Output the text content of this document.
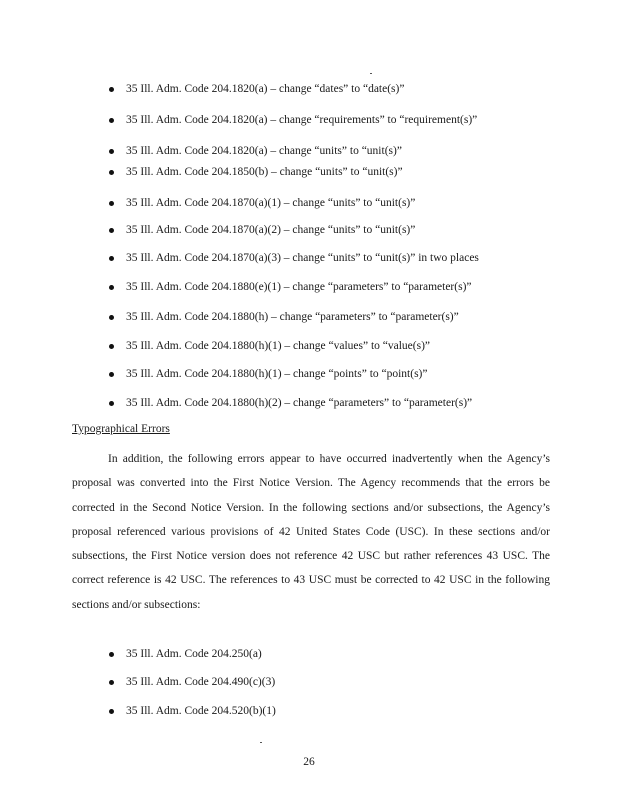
35 Ill. Adm. Code 204.1820(a) – change “dates” to “date(s)”
35 Ill. Adm. Code 204.1820(a) – change “requirements” to “requirement(s)”
35 Ill. Adm. Code 204.1820(a) – change “units” to “unit(s)”
35 Ill. Adm. Code 204.1850(b) – change “units” to “unit(s)”
35 Ill. Adm. Code 204.1870(a)(1) – change “units” to “unit(s)”
35 Ill. Adm. Code 204.1870(a)(2) – change “units” to “unit(s)”
35 Ill. Adm. Code 204.1870(a)(3) – change “units” to “unit(s)” in two places
35 Ill. Adm. Code 204.1880(e)(1) – change “parameters” to “parameter(s)”
35 Ill. Adm. Code 204.1880(h) – change “parameters” to “parameter(s)”
35 Ill. Adm. Code 204.1880(h)(1) – change “values” to “value(s)”
35 Ill. Adm. Code 204.1880(h)(1) – change “points” to “point(s)”
35 Ill. Adm. Code 204.1880(h)(2) – change “parameters” to “parameter(s)”
Typographical Errors

In addition, the following errors appear to have occurred inadvertently when the Agency’s proposal was converted into the First Notice Version. The Agency recommends that the errors be corrected in the Second Notice Version. In the following sections and/or subsections, the Agency’s proposal referenced various provisions of 42 United States Code (USC). In these sections and/or subsections, the First Notice version does not reference 42 USC but rather references 43 USC. The correct reference is 42 USC. The references to 43 USC must be corrected to 42 USC in the following sections and/or subsections:

35 Ill. Adm. Code 204.250(a)
35 Ill. Adm. Code 204.490(c)(3)
35 Ill. Adm. Code 204.520(b)(1)
26
